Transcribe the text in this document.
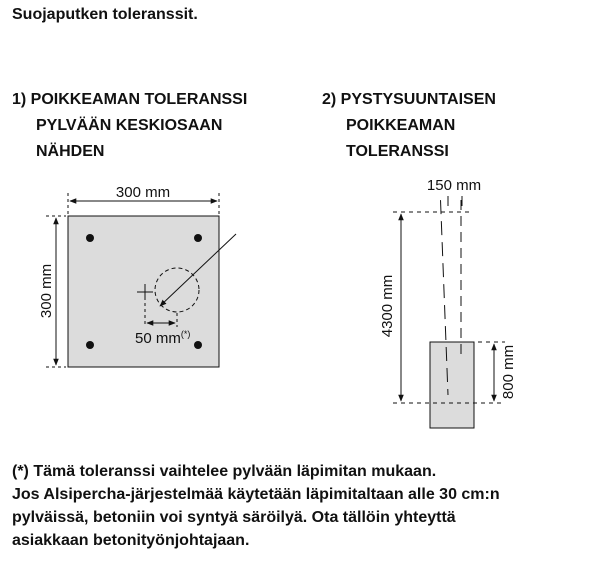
Suojaputken toleranssit.
1) POIKKEAMAN TOLERANSSI
PYLVÄÄN KESKIOSAAN
NÄHDEN
2) PYSTYSUUNTAISEN
POIKKEAMAN
TOLERANSSI
300 mm
300 mm
50 mm(*)
150 mm
4300 mm
800 mm
(*) Tämä toleranssi vaihtelee pylvään läpimitan mukaan.
Jos Alsipercha-järjestelmää käytetään läpimitaltaan alle 30 cm:n
pylväissä, betoniin voi syntyä säröilyä. Ota tällöin yhteyttä
asiakkaan betonityönjohtajaan.
